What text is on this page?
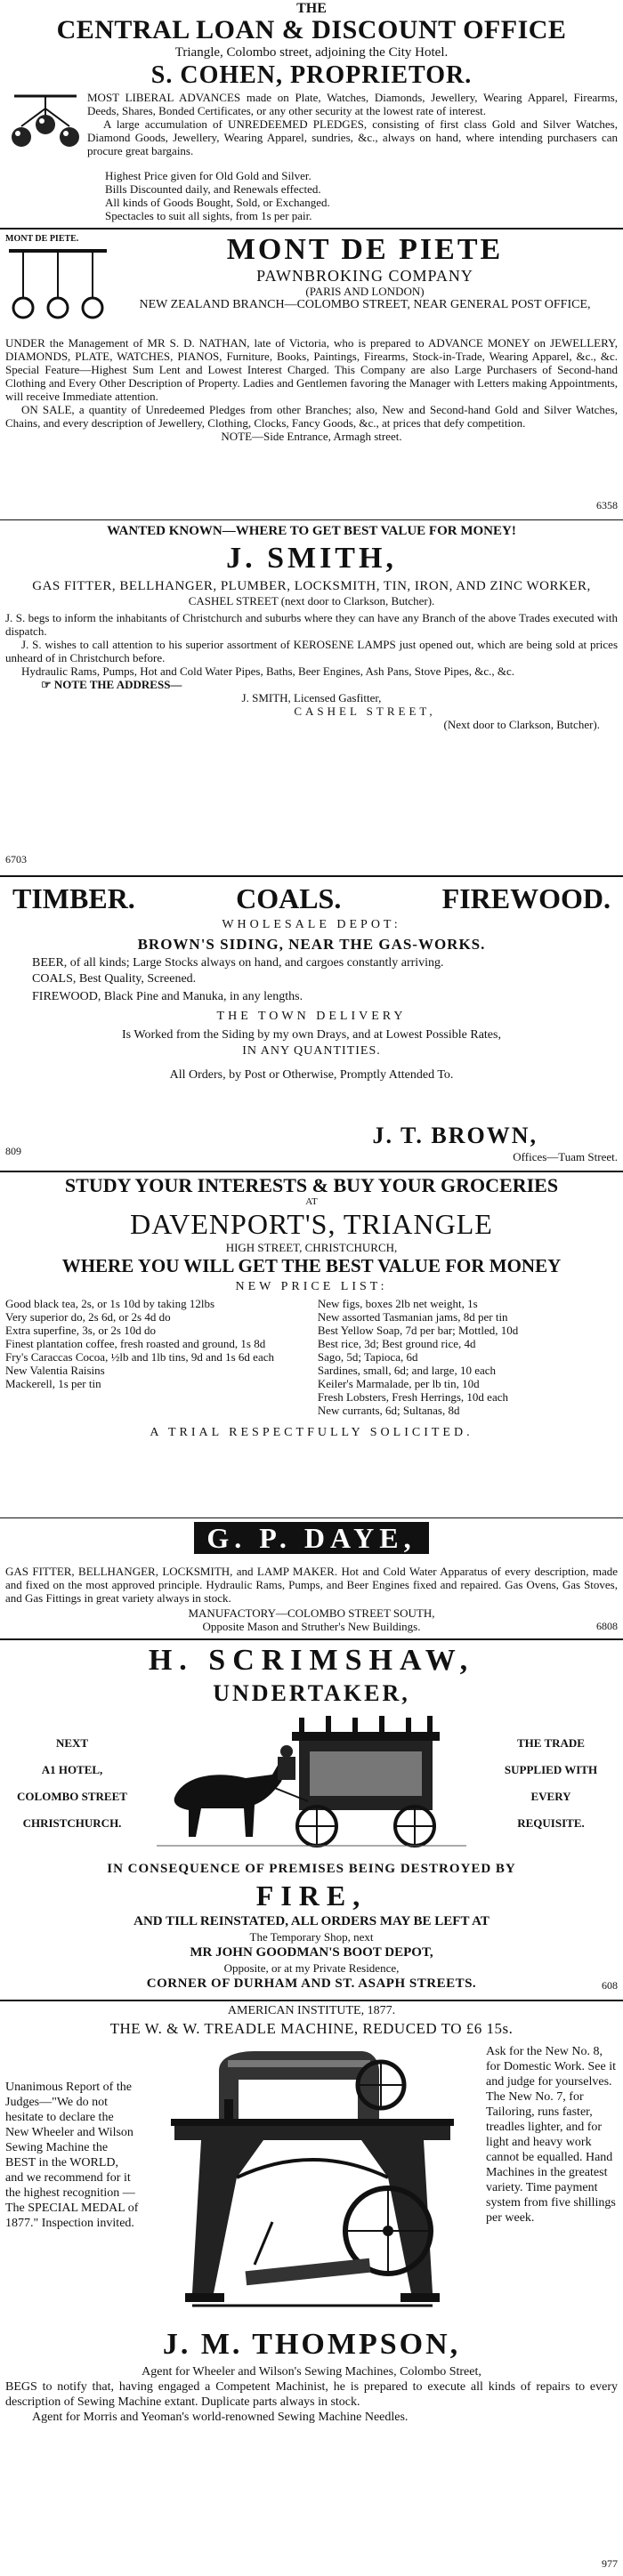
THE
CENTRAL LOAN & DISCOUNT OFFICE
Triangle, Colombo street, adjoining the City Hotel.
S. COHEN, PROPRIETOR.
MOST LIBERAL ADVANCES made on Plate, Watches, Diamonds, Jewellery, Wearing Apparel, Firearms, Deeds, Shares, Bonded Certificates, or any other security at the lowest rate of interest.
A large accumulation of UNREDEEMED PLEDGES, consisting of first class Gold and Silver Watches, Diamond Goods, Jewellery, Wearing Apparel, sundries, &c., always on hand, where intending purchasers can procure great bargains.
Highest Price given for Old Gold and Silver.
Bills Discounted daily, and Renewals effected.
All kinds of Goods Bought, Sold, or Exchanged.
Spectacles to suit all sights, from 1s per pair.
MONT DE PIETE.	MONT DE PIETE
PAWNBROKING COMPANY
(PARIS AND LONDON)
NEW ZEALAND BRANCH—COLOMBO STREET, NEAR GENERAL POST OFFICE,
UNDER the Management of MR S. D. NATHAN, late of Victoria, who is prepared to ADVANCE MONEY on JEWELLERY, DIAMONDS, PLATE, WATCHES, PIANOS, Furniture, Books, Paintings, Firearms, Stock-in-Trade, Wearing Apparel, &c., &c. Special Feature—Highest Sum Lent and Lowest Interest Charged. This Company are also Large Purchasers of Second-hand Clothing and Every Other Description of Property. Ladies and Gentlemen favoring the Manager with Letters making Appointments, will receive Immediate attention.
ON SALE, a quantity of Unredeemed Pledges from other Branches; also, New and Second-hand Gold and Silver Watches, Chains, and every description of Jewellery, Clothing, Clocks, Fancy Goods, &c., at prices that defy competition.
NOTE—Side Entrance, Armagh street.
6358
WANTED KNOWN—WHERE TO GET BEST VALUE FOR MONEY!
J. SMITH,
GAS FITTER, BELLHANGER, PLUMBER, LOCKSMITH, TIN, IRON, AND ZINC WORKER,
CASHEL STREET (next door to Clarkson, Butcher).
J. S. begs to inform the inhabitants of Christchurch and suburbs where they can have any Branch of the above Trades executed with dispatch.
J. S. wishes to call attention to his superior assortment of KEROSENE LAMPS just opened out, which are being sold at prices unheard of in Christchurch before.
Hydraulic Rams, Pumps, Hot and Cold Water Pipes, Baths, Beer Engines, Ash Pans, Stove Pipes, &c., &c.
☞ NOTE THE ADDRESS—
J. SMITH, Licensed Gasfitter,
CASHEL STREET,
(Next door to Clarkson, Butcher).
6703
TIMBER.	COALS.	FIREWOOD.
WHOLESALE DEPOT:
BROWN'S SIDING, NEAR THE GAS-WORKS.
BEER, of all kinds; Large Stocks always on hand, and cargoes constantly arriving.
COALS, Best Quality, Screened.
FIREWOOD, Black Pine and Manuka, in any lengths.
THE TOWN DELIVERY
Is Worked from the Siding by my own Drays, and at Lowest Possible Rates,
IN ANY QUANTITIES.
All Orders, by Post or Otherwise, Promptly Attended To.
809
J. T. BROWN,
Offices—Tuam Street.
STUDY YOUR INTERESTS & BUY YOUR GROCERIES
AT
DAVENPORT'S, TRIANGLE
HIGH STREET, CHRISTCHURCH,
WHERE YOU WILL GET THE BEST VALUE FOR MONEY
NEW PRICE LIST:
Good black tea, 2s, or 1s 10d by taking 12lbs
Very superior do, 2s 6d, or 2s 4d do
Extra superfine, 3s, or 2s 10d do
Finest plantation coffee, fresh roasted and ground, 1s 8d
Fry's Caraccas Cocoa, ½lb and 1lb tins, 9d and 1s 6d each
New Valentia Raisins
Mackerell, 1s per tin
New figs, boxes 2lb net weight, 1s
New assorted Tasmanian jams, 8d per tin
Best Yellow Soap, 7d per bar; Mottled, 10d
Best rice, 3d; Best ground rice, 4d
Sago, 5d; Tapioca, 6d
Sardines, small, 6d; and large, 10 each
Keiler's Marmalade, per lb tin, 10d
Fresh Lobsters, Fresh Herrings, 10d each
New currants, 6d; Sultanas, 8d
A TRIAL RESPECTFULLY SOLICITED.
G. P. DAYE,
GAS FITTER, BELLHANGER, LOCKSMITH, and LAMP MAKER. Hot and Cold Water Apparatus of every description, made and fixed on the most approved principle. Hydraulic Rams, Pumps, and Beer Engines fixed and repaired. Gas Ovens, Gas Stoves, and Gas Fittings in great variety always in stock.
MANUFACTORY—COLOMBO STREET SOUTH,
Opposite Mason and Struther's New Buildings.	6808
H. SCRIMSHAW,
UNDERTAKER,
NEXT
A1 HOTEL,
COLOMBO STREET
CHRISTCHURCH.
THE TRADE
SUPPLIED WITH
EVERY
REQUISITE.
IN CONSEQUENCE OF PREMISES BEING DESTROYED BY
FIRE,
AND TILL REINSTATED, ALL ORDERS MAY BE LEFT AT
The Temporary Shop, next
MR JOHN GOODMAN'S BOOT DEPOT,
Opposite, or at my Private Residence,
CORNER OF DURHAM AND ST. ASAPH STREETS.	608
AMERICAN INSTITUTE, 1877.
THE W. & W. TREADLE MACHINE, REDUCED TO £6 15s.
Unanimous Report of the Judges—"We do not hesitate to declare the New Wheeler and Wilson Sewing Machine the BEST in the WORLD, and we recommend for it the highest recognition — The SPECIAL MEDAL of 1877." Inspection invited.
Ask for the New No. 8, for Domestic Work. See it and judge for yourselves. The New No. 7, for Tailoring, runs faster, treadles lighter, and for light and heavy work cannot be equalled. Hand Machines in the greatest variety. Time payment system from five shillings per week.
J. M. THOMPSON,
Agent for Wheeler and Wilson's Sewing Machines, Colombo Street,
BEGS to notify that, having engaged a Competent Machinist, he is prepared to execute all kinds of repairs to every description of Sewing Machine extant. Duplicate parts always in stock.
Agent for Morris and Yeoman's world-renowned Sewing Machine Needles.
977
